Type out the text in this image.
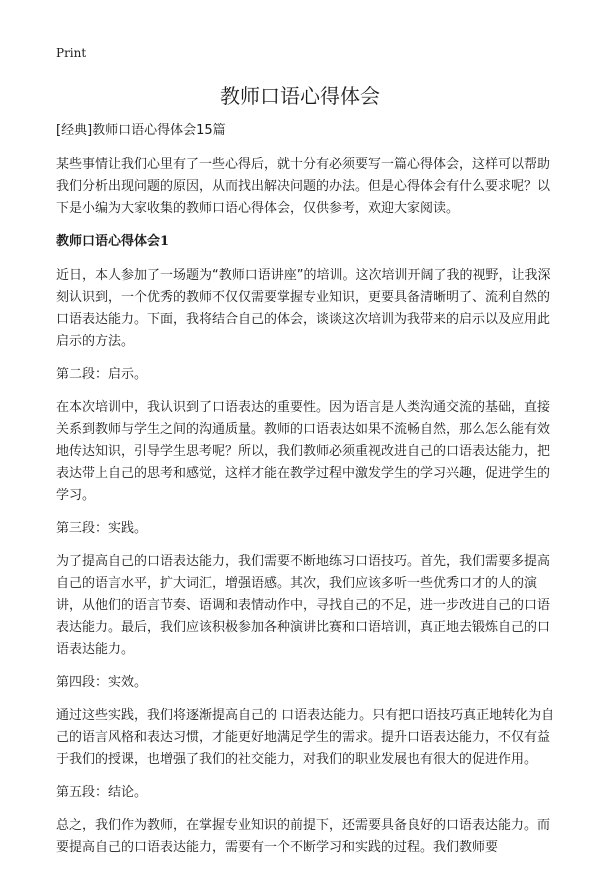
Print
教师口语心得体会

[经典]教师口语心得体会15篇

某些事情让我们心里有了一些心得后，就十分有必须要写一篇心得体会，这样可以帮助我们分析出现问题的原因，从而找出解决问题的办法。但是心得体会有什么要求呢？以下是小编为大家收集的教师口语心得体会，仅供参考，欢迎大家阅读。

教师口语心得体会1

近日，本人参加了一场题为“教师口语讲座”的培训。这次培训开阔了我的视野，让我深刻认识到，一个优秀的教师不仅仅需要掌握专业知识，更要具备清晰明了、流利自然的口语表达能力。下面，我将结合自己的体会，谈谈这次培训为我带来的启示以及应用此启示的方法。

第二段：启示。

在本次培训中，我认识到了口语表达的重要性。因为语言是人类沟通交流的基础，直接关系到教师与学生之间的沟通质量。教师的口语表达如果不流畅自然，那么怎么能有效地传达知识，引导学生思考呢？所以，我们教师必须重视改进自己的口语表达能力，把表达带上自己的思考和感觉，这样才能在教学过程中激发学生的学习兴趣，促进学生的学习。

第三段：实践。

为了提高自己的口语表达能力，我们需要不断地练习口语技巧。首先，我们需要多提高自己的语言水平，扩大词汇，增强语感。其次，我们应该多听一些优秀口才的人的演讲，从他们的语言节奏、语调和表情动作中，寻找自己的不足，进一步改进自己的口语表达能力。最后，我们应该积极参加各种演讲比赛和口语培训，真正地去锻炼自己的口语表达能力。

第四段：实效。

通过这些实践，我们将逐渐提高自己的 口语表达能力。只有把口语技巧真正地转化为自己的语言风格和表达习惯，才能更好地满足学生的需求。提升口语表达能力，不仅有益于我们的授课，也增强了我们的社交能力，对我们的职业发展也有很大的促进作用。

第五段：结论。

总之，我们作为教师，在掌握专业知识的前提下，还需要具备良好的口语表达能力。而要提高自己的口语表达能力，需要有一个不断学习和实践的过程。我们教师要
